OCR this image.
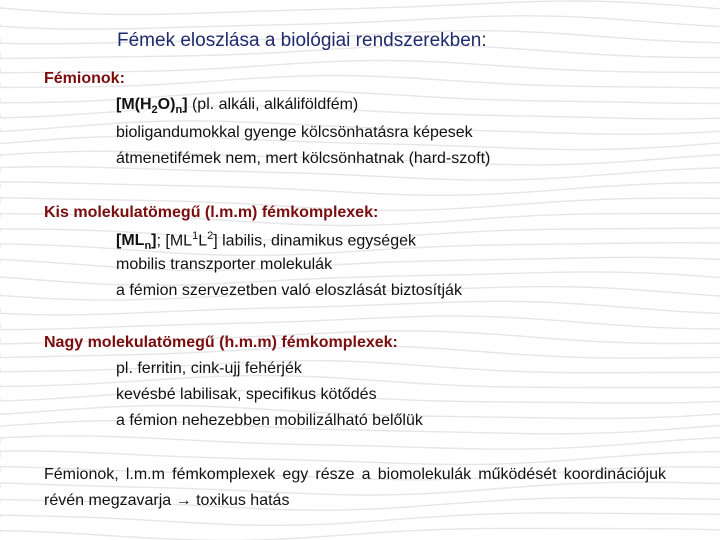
Fémek eloszlása a biológiai rendszerekben:
Fémionok:
$[M(H_2O)_n]$ (pl. alkáli, alkáliföldfém)
bioligandumokkal gyenge kölcsönhatásra képesek
átmenetifémek nem, mert kölcsönhatnak (hard-szoft)
Kis molekulatömegű (l.m.m) fémkomplexek:
$[ML_n]$; $[ML^1L^2]$ labilis, dinamikus egységek
mobilis transzporter molekulák
a fémion szervezetben való eloszlását biztosítják
Nagy molekulatömegű (h.m.m) fémkomplexek:
pl. ferritin, cink-ujj fehérjék
kevésbé labilisak, specifikus kötődés
a fémion nehezebben mobilizálható belőlük
Fémionok, l.m.m fémkomplexek egy része a biomolekulák működését koordinációjuk révén megzavarja → toxikus hatás
